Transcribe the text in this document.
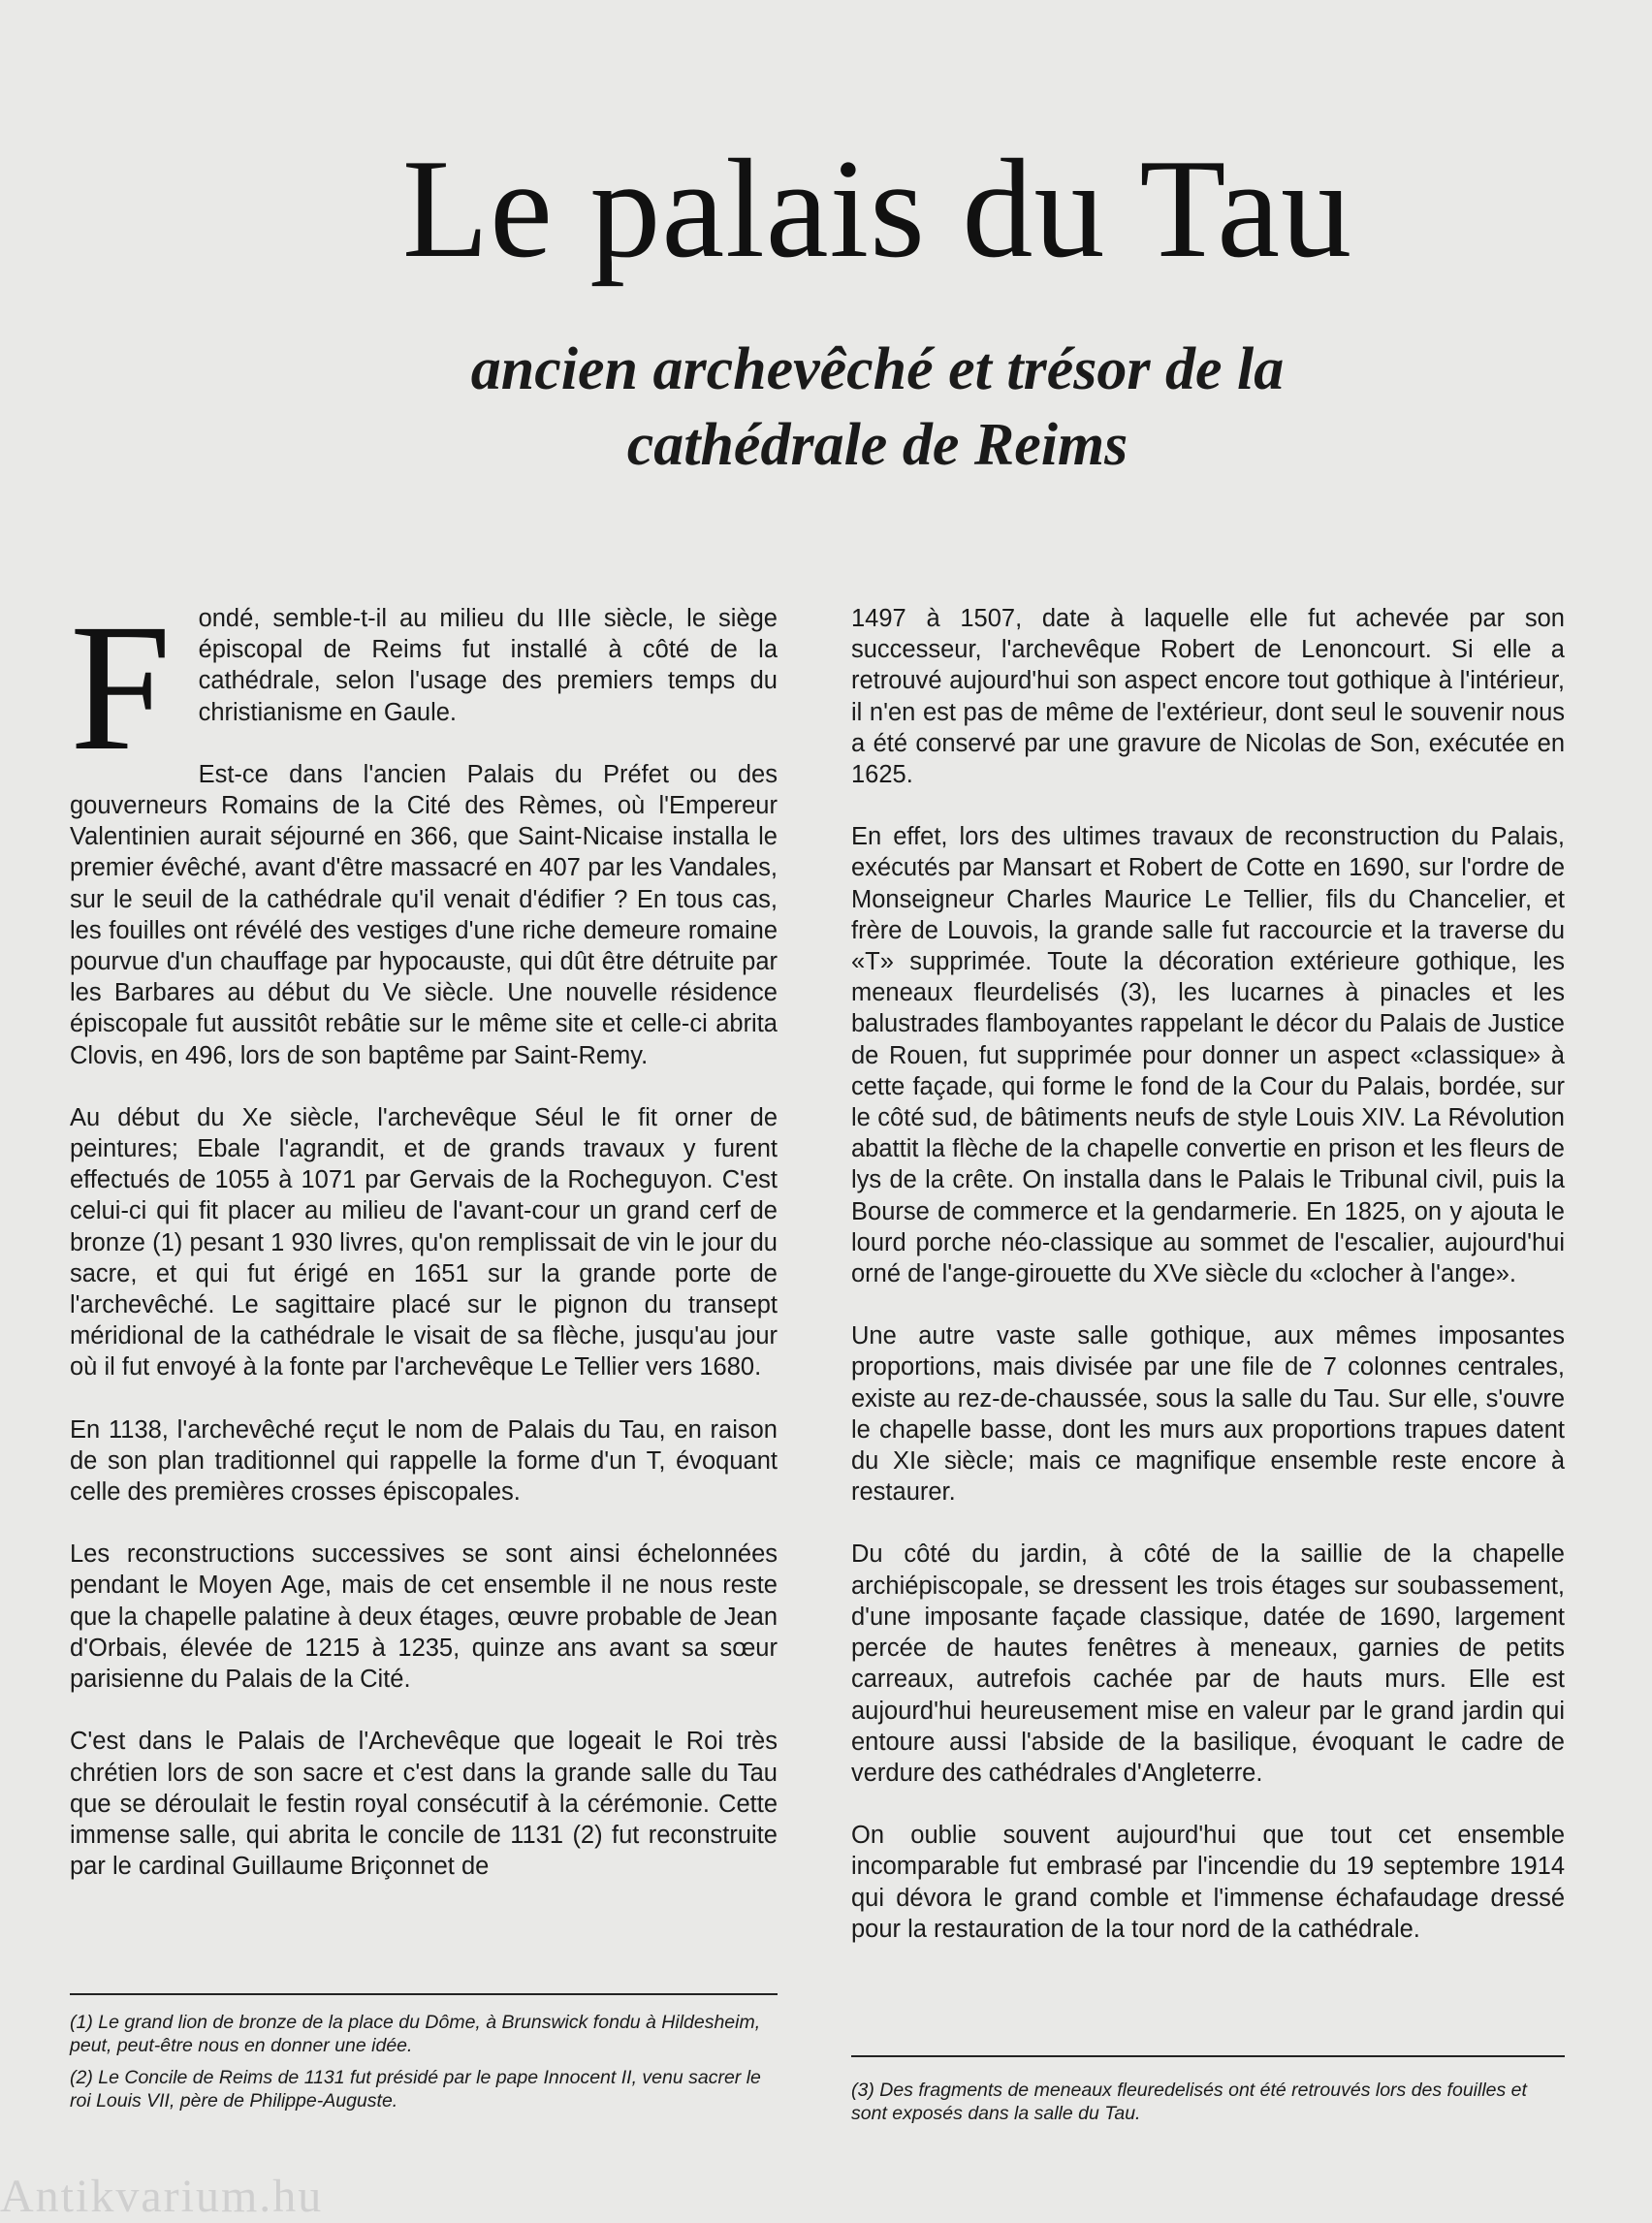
Le palais du Tau
ancien archevêché et trésor de la
cathédrale de Reims

F ondé, semble-t-il au milieu du IIIe siècle, le siège épiscopal de Reims fut installé à côté de la cathédrale, selon l'usage des premiers temps du christianisme en Gaule.

Est-ce dans l'ancien Palais du Préfet ou des gouverneurs Romains de la Cité des Rèmes, où l'Empereur Valentinien aurait séjourné en 366, que Saint-Nicaise installa le premier évêché, avant d'être massacré en 407 par les Vandales, sur le seuil de la cathédrale qu'il venait d'édifier ? En tous cas, les fouilles ont révélé des vestiges d'une riche demeure romaine pourvue d'un chauffage par hypocauste, qui dût être détruite par les Barbares au début du Ve siècle. Une nouvelle résidence épiscopale fut aussitôt rebâtie sur le même site et celle-ci abrita Clovis, en 496, lors de son baptême par Saint-Remy.

Au début du Xe siècle, l'archevêque Séul le fit orner de peintures; Ebale l'agrandit, et de grands travaux y furent effectués de 1055 à 1071 par Gervais de la Rocheguyon. C'est celui-ci qui fit placer au milieu de l'avant-cour un grand cerf de bronze (1) pesant 1 930 livres, qu'on remplissait de vin le jour du sacre, et qui fut érigé en 1651 sur la grande porte de l'archevêché. Le sagittaire placé sur le pignon du transept méridional de la cathédrale le visait de sa flèche, jusqu'au jour où il fut envoyé à la fonte par l'archevêque Le Tellier vers 1680.

En 1138, l'archevêché reçut le nom de Palais du Tau, en raison de son plan traditionnel qui rappelle la forme d'un T, évoquant celle des premières crosses épiscopales.

Les reconstructions successives se sont ainsi échelonnées pendant le Moyen Age, mais de cet ensemble il ne nous reste que la chapelle palatine à deux étages, œuvre probable de Jean d'Orbais, élevée de 1215 à 1235, quinze ans avant sa sœur parisienne du Palais de la Cité.

C'est dans le Palais de l'Archevêque que logeait le Roi très chrétien lors de son sacre et c'est dans la grande salle du Tau que se déroulait le festin royal consécutif à la cérémonie. Cette immense salle, qui abrita le concile de 1131 (2) fut reconstruite par le cardinal Guillaume Briçonnet de

1497 à 1507, date à laquelle elle fut achevée par son successeur, l'archevêque Robert de Lenoncourt. Si elle a retrouvé aujourd'hui son aspect encore tout gothique à l'intérieur, il n'en est pas de même de l'extérieur, dont seul le souvenir nous a été conservé par une gravure de Nicolas de Son, exécutée en 1625.

En effet, lors des ultimes travaux de reconstruction du Palais, exécutés par Mansart et Robert de Cotte en 1690, sur l'ordre de Monseigneur Charles Maurice Le Tellier, fils du Chancelier, et frère de Louvois, la grande salle fut raccourcie et la traverse du «T» supprimée. Toute la décoration extérieure gothique, les meneaux fleurdelisés (3), les lucarnes à pinacles et les balustrades flamboyantes rappelant le décor du Palais de Justice de Rouen, fut supprimée pour donner un aspect «classique» à cette façade, qui forme le fond de la Cour du Palais, bordée, sur le côté sud, de bâtiments neufs de style Louis XIV. La Révolution abattit la flèche de la chapelle convertie en prison et les fleurs de lys de la crête. On installa dans le Palais le Tribunal civil, puis la Bourse de commerce et la gendarmerie. En 1825, on y ajouta le lourd porche néo-classique au sommet de l'escalier, aujourd'hui orné de l'ange-girouette du XVe siècle du «clocher à l'ange».

Une autre vaste salle gothique, aux mêmes imposantes proportions, mais divisée par une file de 7 colonnes centrales, existe au rez-de-chaussée, sous la salle du Tau. Sur elle, s'ouvre le chapelle basse, dont les murs aux proportions trapues datent du XIe siècle; mais ce magnifique ensemble reste encore à restaurer.

Du côté du jardin, à côté de la saillie de la chapelle archiépiscopale, se dressent les trois étages sur soubassement, d'une imposante façade classique, datée de 1690, largement percée de hautes fenêtres à meneaux, garnies de petits carreaux, autrefois cachée par de hauts murs. Elle est aujourd'hui heureusement mise en valeur par le grand jardin qui entoure aussi l'abside de la basilique, évoquant le cadre de verdure des cathédrales d'Angleterre.

On oublie souvent aujourd'hui que tout cet ensemble incomparable fut embrasé par l'incendie du 19 septembre 1914 qui dévora le grand comble et l'immense échafaudage dressé pour la restauration de la tour nord de la cathédrale.

(1) Le grand lion de bronze de la place du Dôme, à Brunswick fondu à Hildesheim, peut, peut-être nous en donner une idée.

(2) Le Concile de Reims de 1131 fut présidé par le pape Innocent II, venu sacrer le roi Louis VII, père de Philippe-Auguste.	(3) Des fragments de meneaux fleuredelisés ont été retrouvés lors des fouilles et sont exposés dans la salle du Tau.

Antikvarium.hu
